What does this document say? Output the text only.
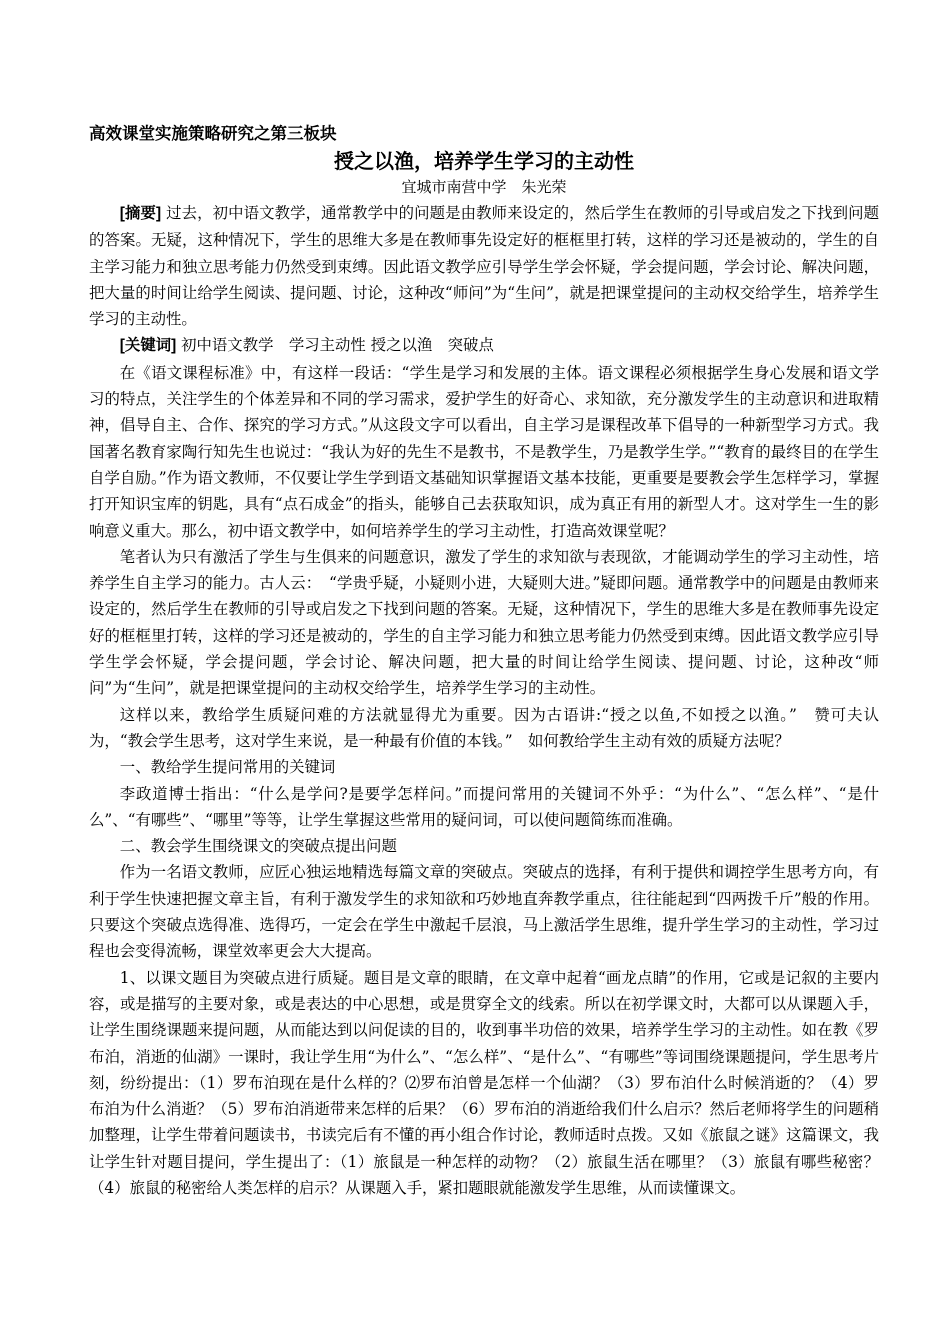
高效课堂实施策略研究之第三板块
授之以渔，培养学生学习的主动性
宜城市南营中学　朱光荣

[摘要] 过去，初中语文教学，通常教学中的问题是由教师来设定的，然后学生在教师的引导或启发之下找到问题的答案。无疑，这种情况下，学生的思维大多是在教师事先设定好的框框里打转，这样的学习还是被动的，学生的自主学习能力和独立思考能力仍然受到束缚。因此语文教学应引导学生学会怀疑，学会提问题，学会讨论、解决问题，把大量的时间让给学生阅读、提问题、讨论，这种改“师问”为“生问”，就是把课堂提问的主动权交给学生，培养学生学习的主动性。

[关键词] 初中语文教学　学习主动性 授之以渔　突破点

在《语文课程标准》中，有这样一段话：“学生是学习和发展的主体。语文课程必须根据学生身心发展和语文学习的特点，关注学生的个体差异和不同的学习需求，爱护学生的好奇心、求知欲，充分激发学生的主动意识和进取精神，倡导自主、合作、探究的学习方式。”从这段文字可以看出，自主学习是课程改革下倡导的一种新型学习方式。我国著名教育家陶行知先生也说过：“我认为好的先生不是教书，不是教学生，乃是教学生学。”“教育的最终目的在学生自学自励。”作为语文教师，不仅要让学生学到语文基础知识掌握语文基本技能，更重要是要教会学生怎样学习，掌握打开知识宝库的钥匙，具有“点石成金”的指头，能够自己去获取知识，成为真正有用的新型人才。这对学生一生的影响意义重大。那么，初中语文教学中，如何培养学生的学习主动性，打造高效课堂呢？

笔者认为只有激活了学生与生俱来的问题意识，激发了学生的求知欲与表现欲，才能调动学生的学习主动性，培养学生自主学习的能力。古人云：　“学贵乎疑，小疑则小进，大疑则大进。”疑即问题。通常教学中的问题是由教师来设定的，然后学生在教师的引导或启发之下找到问题的答案。无疑，这种情况下，学生的思维大多是在教师事先设定好的框框里打转，这样的学习还是被动的，学生的自主学习能力和独立思考能力仍然受到束缚。因此语文教学应引导学生学会怀疑，学会提问题，学会讨论、解决问题，把大量的时间让给学生阅读、提问题、讨论，这种改“师问”为“生问”，就是把课堂提问的主动权交给学生，培养学生学习的主动性。

这样以来，教给学生质疑问难的方法就显得尤为重要。因为古语讲:“授之以鱼,不如授之以渔。”　赞可夫认为，“教会学生思考，这对学生来说，是一种最有价值的本钱。”　如何教给学生主动有效的质疑方法呢？

一、教给学生提问常用的关键词

李政道博士指出：“什么是学问?是要学怎样问。”而提问常用的关键词不外乎：“为什么”、“怎么样”、“是什么”、“有哪些”、“哪里”等等，让学生掌握这些常用的疑问词，可以使问题简练而准确。

二、教会学生围绕课文的突破点提出问题

作为一名语文教师，应匠心独运地精选每篇文章的突破点。突破点的选择，有利于提供和调控学生思考方向，有利于学生快速把握文章主旨，有利于激发学生的求知欲和巧妙地直奔教学重点，往往能起到“四两拨千斤”般的作用。只要这个突破点选得准、选得巧，一定会在学生中激起千层浪，马上激活学生思维，提升学生学习的主动性，学习过程也会变得流畅，课堂效率更会大大提高。

1、以课文题目为突破点进行质疑。题目是文章的眼睛，在文章中起着“画龙点睛”的作用，它或是记叙的主要内容，或是描写的主要对象，或是表达的中心思想，或是贯穿全文的线索。所以在初学课文时，大都可以从课题入手，让学生围绕课题来提问题，从而能达到以问促读的目的，收到事半功倍的效果，培养学生学习的主动性。如在教《罗布泊，消逝的仙湖》一课时，我让学生用“为什么”、“怎么样”、“是什么”、“有哪些”等词围绕课题提问，学生思考片刻，纷纷提出：（1）罗布泊现在是什么样的？⑵罗布泊曾是怎样一个仙湖？（3）罗布泊什么时候消逝的？（4）罗布泊为什么消逝？（5）罗布泊消逝带来怎样的后果？（6）罗布泊的消逝给我们什么启示？然后老师将学生的问题稍加整理，让学生带着问题读书，书读完后有不懂的再小组合作讨论，教师适时点拨。又如《旅鼠之谜》这篇课文，我让学生针对题目提问，学生提出了：（1）旅鼠是一种怎样的动物？（2）旅鼠生活在哪里？（3）旅鼠有哪些秘密？（4）旅鼠的秘密给人类怎样的启示？从课题入手，紧扣题眼就能激发学生思维，从而读懂课文。
